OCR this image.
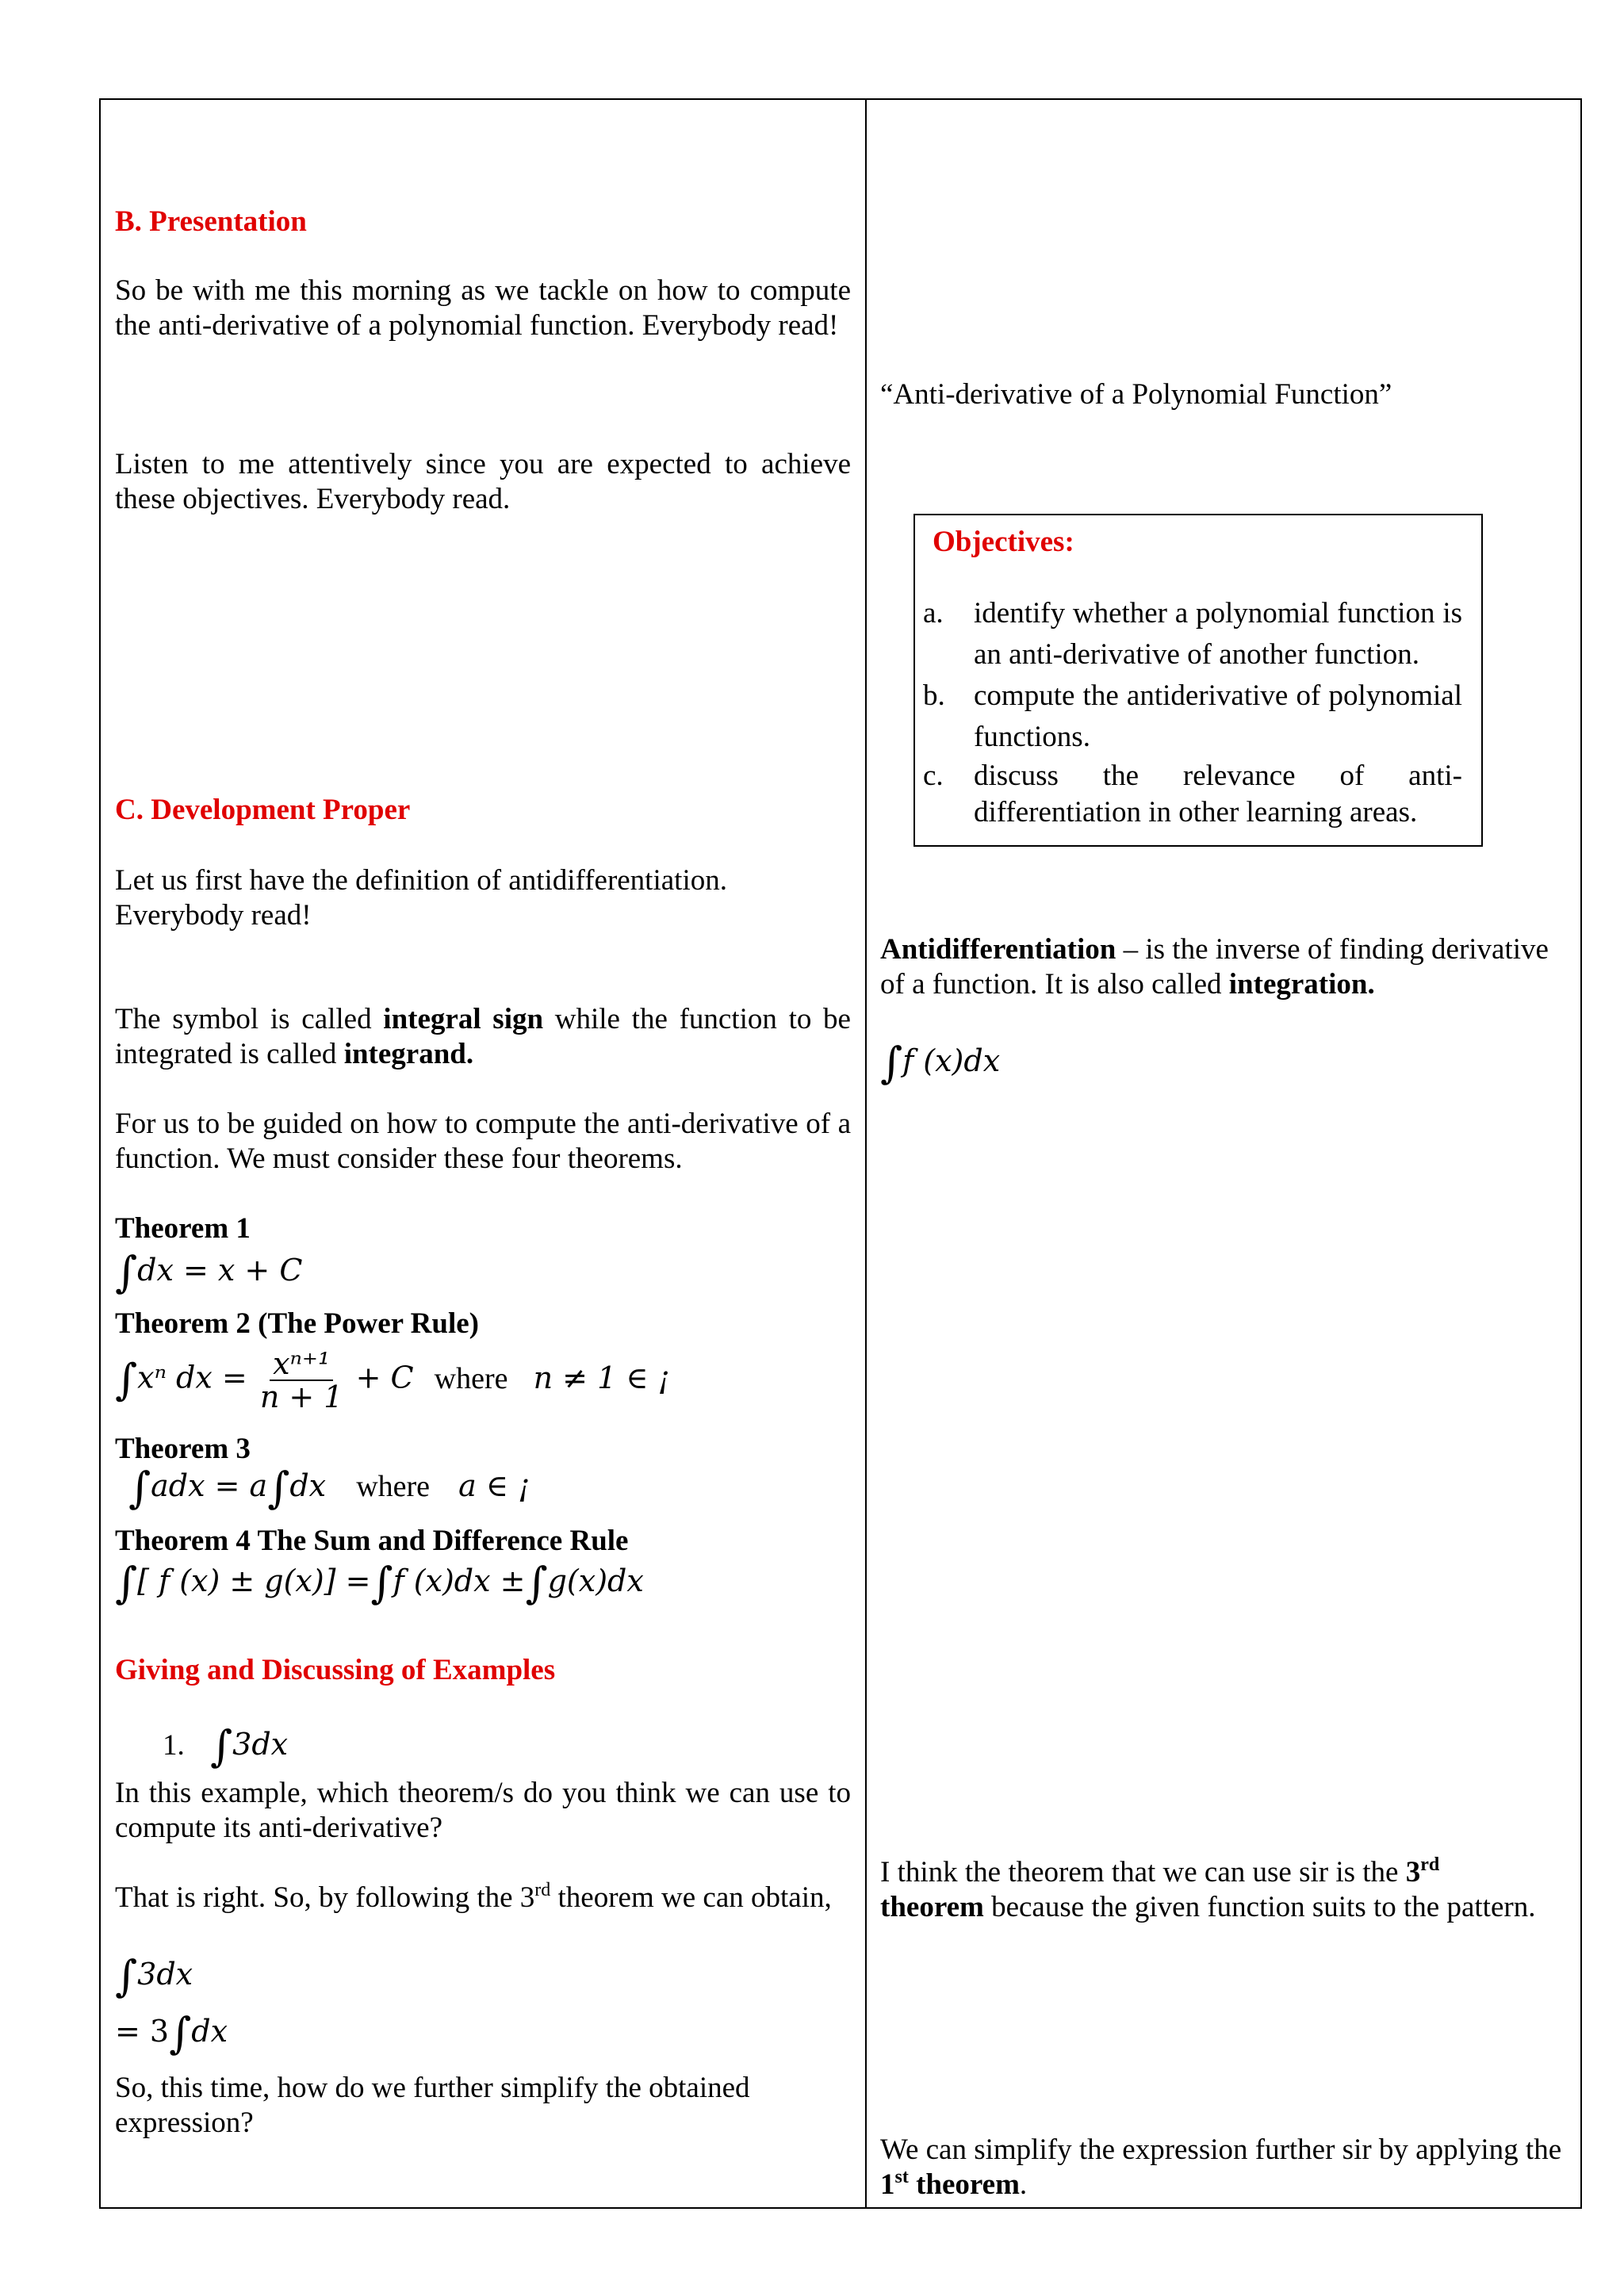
B. Presentation
So be with me this morning as we tackle on how to compute the anti-derivative of a polynomial function. Everybody read!
Listen to me attentively since you are expected to achieve these objectives. Everybody read.
C. Development Proper
Let us first have the definition of antidifferentiation.
Everybody read!
The symbol is called integral sign while the function to be integrated is called integrand.
For us to be guided on how to compute the anti-derivative of a function. We must consider these four theorems.
Theorem 1
∫dx = x + C
Theorem 2 (The Power Rule)
∫xⁿ dx = $\frac{\text{xⁿ⁺¹}}{n + 1} + C$ where n ≠ 1 ∈ ¡
Theorem 3
∫adx = a∫dx where a ∈ ¡
Theorem 4 The Sum and Difference Rule
∫[ f (x) ± g(x)] =∫f (x)dx ±∫g(x)dx
Giving and Discussing of Examples
1. ∫3dx
In this example, which theorem/s do you think we can use to compute its anti-derivative?
That is right. So, by following the 3rd theorem we can obtain,
∫3dx
= 3∫dx
So, this time, how do we further simplify the obtained expression?
“Anti-derivative of a Polynomial Function”
Objectives:
a.	identify whether a polynomial function is an anti-derivative of another function.
b. compute the antiderivative of polynomial functions.
c.	discuss the relevance of anti-differentiation in other learning areas.
Antidifferentiation – is the inverse of finding derivative of a function. It is also called integration.
∫f (x)dx
I think the theorem that we can use sir is the 3rd
theorem because the given function suits to the pattern.
We can simplify the expression further sir by applying the 1st theorem.
